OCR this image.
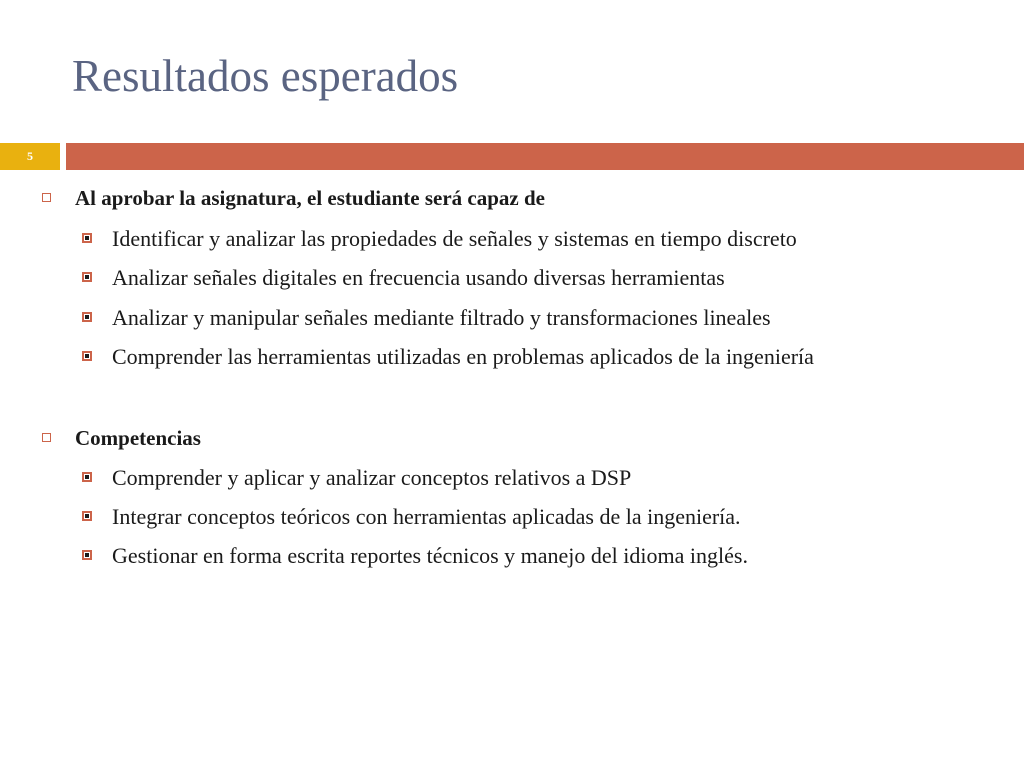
Resultados esperados
5
Al aprobar la asignatura, el estudiante será capaz de
Identificar y analizar las propiedades de señales y sistemas en tiempo discreto
Analizar señales digitales en frecuencia usando diversas herramientas
Analizar y manipular señales mediante filtrado y transformaciones lineales
Comprender las herramientas utilizadas en problemas aplicados de la ingeniería
Competencias
Comprender y aplicar y analizar conceptos relativos a DSP
Integrar conceptos teóricos con herramientas aplicadas de la ingeniería.
Gestionar en forma escrita reportes técnicos y manejo del idioma inglés.
